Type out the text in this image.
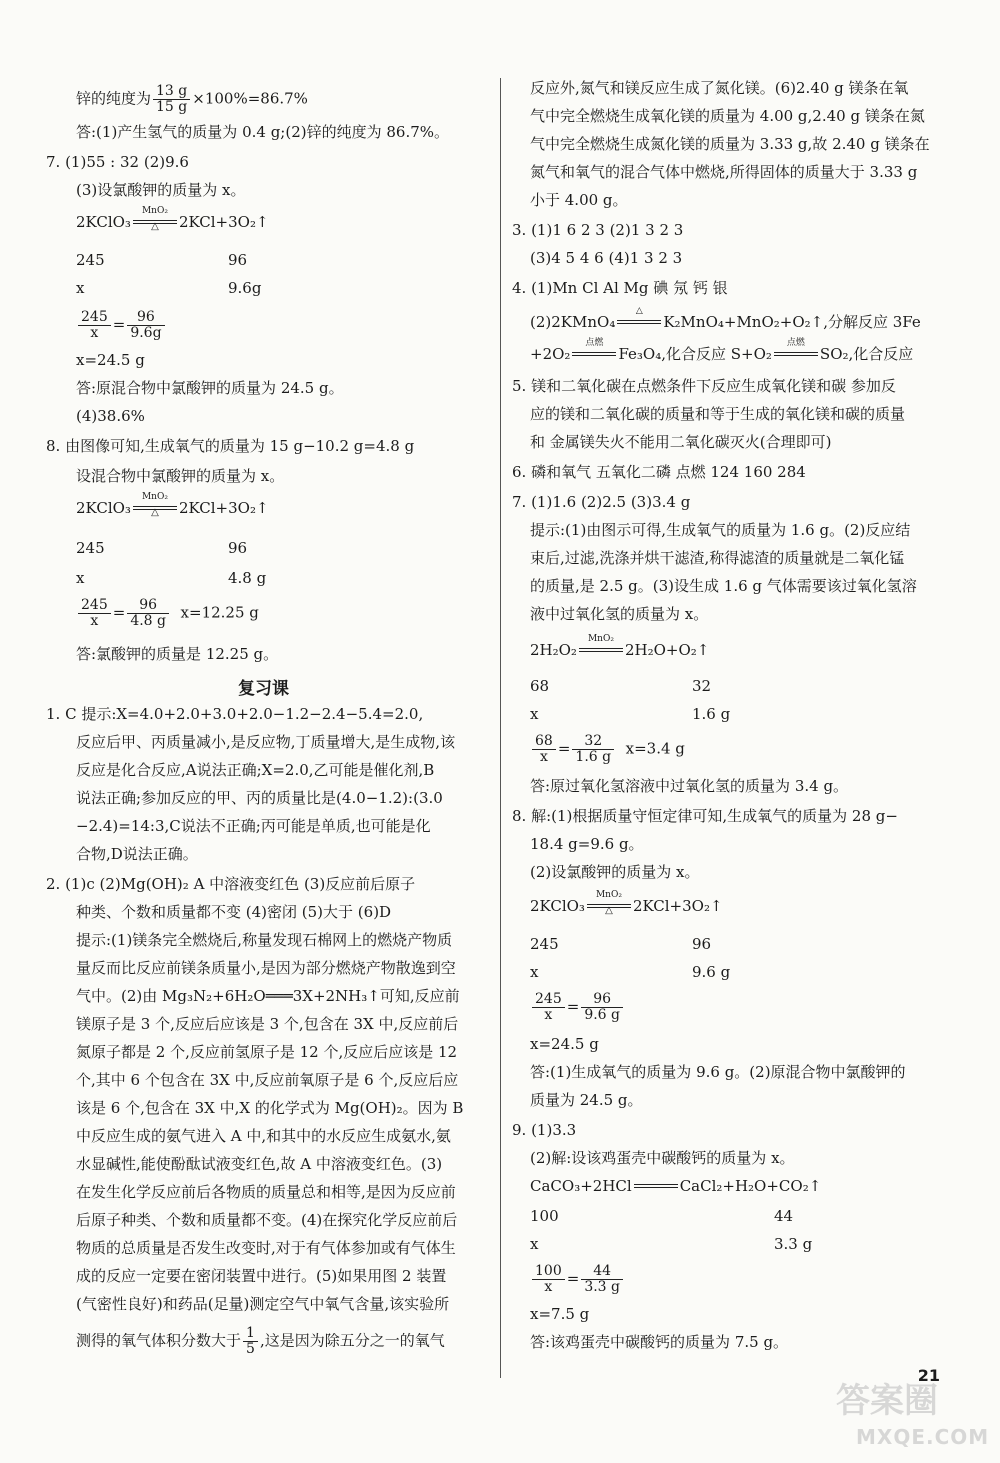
锌的纯度为 $\frac{13 g}{15 g} \times 100\%=86.7\%$
答:(1)产生氢气的质量为 0.4 g;(2)锌的纯度为 86.7%。
7. (1)55 : 32 (2)9.6
(3)设氯酸钾的质量为 x。
2KClO₃
MnO₂
△	2KCl+3O₂↑
245	96
x	9.6g
$\frac{245}{x} = \frac{96}{9.6g}$
x=24.5 g
答:原混合物中氯酸钾的质量为 24.5 g。
(4)38.6%
8. 由图像可知,生成氧气的质量为 15 g−10.2 g=4.8 g
设混合物中氯酸钾的质量为 x。
2KClO₃
MnO₂
△	2KCl+3O₂↑
245	96
x	4.8 g
$\frac{245}{x} = \frac{96}{4.8 g} x=12.25$ g
答:氯酸钾的质量是 12.25 g。
复习课
1. C 提示:X=4.0+2.0+3.0+2.0−1.2−2.4−5.4=2.0,
反应后甲、丙质量减小,是反应物,丁质量增大,是生成物,该
反应是化合反应,A说法正确;X=2.0,乙可能是催化剂,B
说法正确;参加反应的甲、丙的质量比是(4.0−1.2):(3.0
−2.4)=14:3,C说法不正确;丙可能是单质,也可能是化
合物,D说法正确。
2. (1)c (2)Mg(OH)₂ A 中溶液变红色 (3)反应前后原子
种类、个数和质量都不变 (4)密闭 (5)大于 (6)D
提示:(1)镁条完全燃烧后,称量发现石棉网上的燃烧产物质
量反而比反应前镁条质量小,是因为部分燃烧产物散逸到空
气中。(2)由 Mg₃N₂+6H₂O═══3X+2NH₃↑可知,反应前
镁原子是 3 个,反应后应该是 3 个,包含在 3X 中,反应前后
氮原子都是 2 个,反应前氢原子是 12 个,反应后应该是 12
个,其中 6 个包含在 3X 中,反应前氧原子是 6 个,反应后应
该是 6 个,包含在 3X 中,X 的化学式为 Mg(OH)₂。因为 B
中反应生成的氨气进入 A 中,和其中的水反应生成氨水,氨
水显碱性,能使酚酞试液变红色,故 A 中溶液变红色。(3)
在发生化学反应前后各物质的质量总和相等,是因为反应前
后原子种类、个数和质量都不变。(4)在探究化学反应前后
物质的总质量是否发生改变时,对于有气体参加或有气体生
成的反应一定要在密闭装置中进行。(5)如果用图 2 装置
(气密性良好)和药品(足量)测定空气中氧气含量,该实验所
测得的氧气体积分数大于 $\frac{1}{5}$ ,这是因为除五分之一的氧气
反应外,氮气和镁反应生成了氮化镁。(6)2.40 g 镁条在氧
气中完全燃烧生成氧化镁的质量为 4.00 g,2.40 g 镁条在氮
气中完全燃烧生成氮化镁的质量为 3.33 g,故 2.40 g 镁条在
氮气和氧气的混合气体中燃烧,所得固体的质量大于 3.33 g
小于 4.00 g。
3. (1)1 6 2 3 (2)1 3 2 3
(3)4 5 4 6 (4)1 3 2 3
4. (1)Mn Cl Al Mg 碘 氖 钙 银
(2)2KMnO₄
△
K₂MnO₄+MnO₂+O₂↑,分解反应 3Fe
+2O₂
点燃
Fe₃O₄,化合反应 S+O₂
点燃
SO₂,化合反应
5. 镁和二氧化碳在点燃条件下反应生成氧化镁和碳 参加反
应的镁和二氧化碳的质量和等于生成的氧化镁和碳的质量
和 金属镁失火不能用二氧化碳灭火(合理即可)
6. 磷和氧气 五氧化二磷 点燃 124 160 284
7. (1)1.6 (2)2.5 (3)3.4 g
提示:(1)由图示可得,生成氧气的质量为 1.6 g。(2)反应结
束后,过滤,洗涤并烘干滤渣,称得滤渣的质量就是二氧化锰
的质量,是 2.5 g。(3)设生成 1.6 g 气体需要该过氧化氢溶
液中过氧化氢的质量为 x。
2H₂O₂
MnO₂
2H₂O+O₂↑
68	32
x	1.6 g
$\frac{68}{x} = \frac{32}{1.6 g} x=3.4$ g
答:原过氧化氢溶液中过氧化氢的质量为 3.4 g。
8. 解:(1)根据质量守恒定律可知,生成氧气的质量为 28 g−
18.4 g=9.6 g。
(2)设氯酸钾的质量为 x。
2KClO₃
MnO₂
△	2KCl+3O₂↑
245	96
x	9.6 g
$\frac{245}{x} = \frac{96}{9.6 g}$
x=24.5 g
答:(1)生成氧气的质量为 9.6 g。(2)原混合物中氯酸钾的
质量为 24.5 g。
9. (1)3.3
(2)解:设该鸡蛋壳中碳酸钙的质量为 x。
CaCO₃+2HCl	CaCl₂+H₂O+CO₂↑
100	44
x	3.3 g
$\frac{100}{x} = \frac{44}{3.3 g}$
x=7.5 g
答:该鸡蛋壳中碳酸钙的质量为 7.5 g。
21
答案圈
MXQE.COM
